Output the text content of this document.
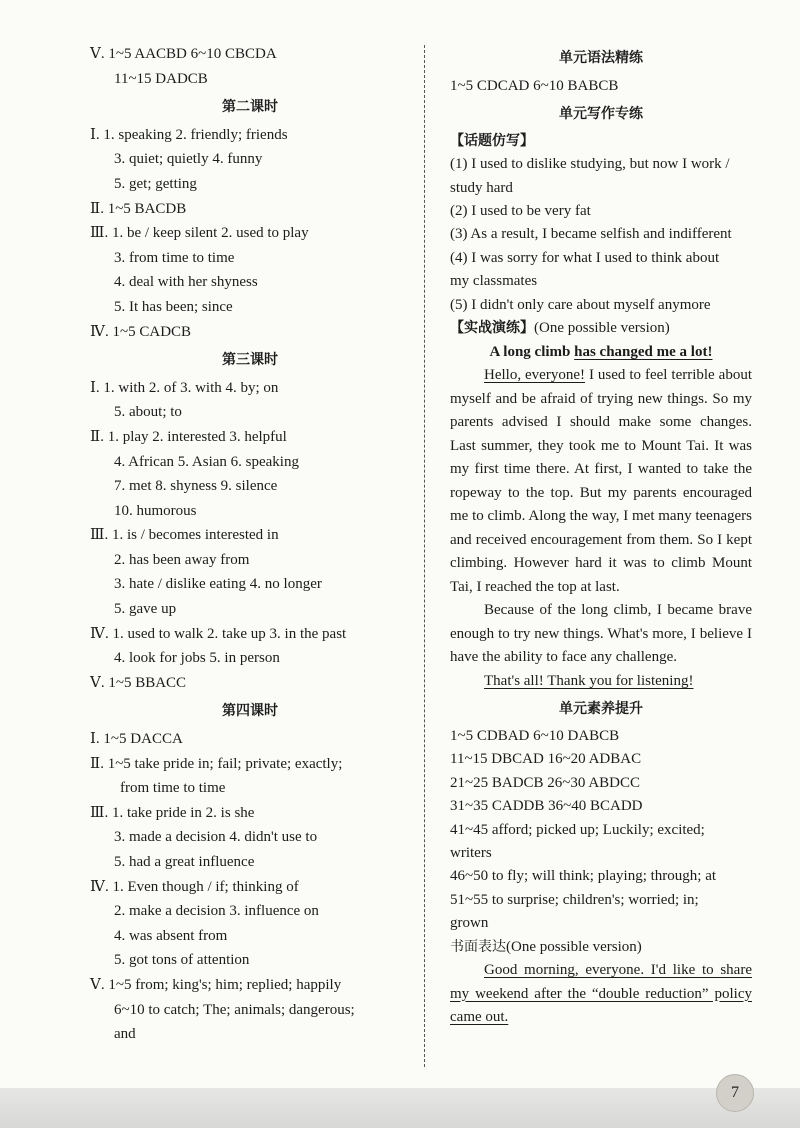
Ⅴ. 1~5 AACBD 6~10 CBCDA
11~15 DADCB
第二课时
Ⅰ. 1. speaking 2. friendly; friends
3. quiet; quietly 4. funny
5. get; getting
Ⅱ. 1~5 BACDB
Ⅲ. 1. be / keep silent 2. used to play
3. from time to time
4. deal with her shyness
5. It has been; since
Ⅳ. 1~5 CADCB
第三课时
Ⅰ. 1. with 2. of 3. with 4. by; on
5. about; to
Ⅱ. 1. play 2. interested 3. helpful
4. African 5. Asian 6. speaking
7. met 8. shyness 9. silence
10. humorous
Ⅲ. 1. is / becomes interested in
2. has been away from
3. hate / dislike eating 4. no longer
5. gave up
Ⅳ. 1. used to walk 2. take up 3. in the past
4. look for jobs 5. in person
Ⅴ. 1~5 BBACC
第四课时
Ⅰ. 1~5 DACCA
Ⅱ. 1~5 take pride in; fail; private; exactly;
from time to time
Ⅲ. 1. take pride in 2. is she
3. made a decision 4. didn't use to
5. had a great influence
Ⅳ. 1. Even though / if; thinking of
2. make a decision 3. influence on
4. was absent from
5. got tons of attention
Ⅴ. 1~5 from; king's; him; replied; happily
6~10 to catch; The; animals; dangerous;
and
单元语法精练
1~5 CDCAD 6~10 BABCB
单元写作专练
【话题仿写】
(1) I used to dislike studying, but now I work /
study hard
(2) I used to be very fat
(3) As a result, I became selfish and indifferent
(4) I was sorry for what I used to think about
my classmates
(5) I didn't only care about myself anymore
【实战演练】(One possible version)
A long climb has changed me a lot!

Hello, everyone! I used to feel terrible about myself and be afraid of trying new things. So my parents advised I should make some changes. Last summer, they took me to Mount Tai. It was my first time there. At first, I wanted to take the ropeway to the top. But my parents encouraged me to climb. Along the way, I met many teenagers and received encouragement from them. So I kept climbing. However hard it was to climb Mount Tai, I reached the top at last.

Because of the long climb, I became brave enough to try new things. What's more, I believe I have the ability to face any challenge.

That's all! Thank you for listening!

单元素养提升
1~5 CDBAD 6~10 DABCB
11~15 DBCAD 16~20 ADBAC
21~25 BADCB 26~30 ABDCC
31~35 CADDB 36~40 BCADD
41~45 afford; picked up; Luckily; excited;
writers
46~50 to fly; will think; playing; through; at
51~55 to surprise; children's; worried; in;
grown
书面表达(One possible version)

Good morning, everyone. I'd like to share my weekend after the “double reduction” policy came out.

7
